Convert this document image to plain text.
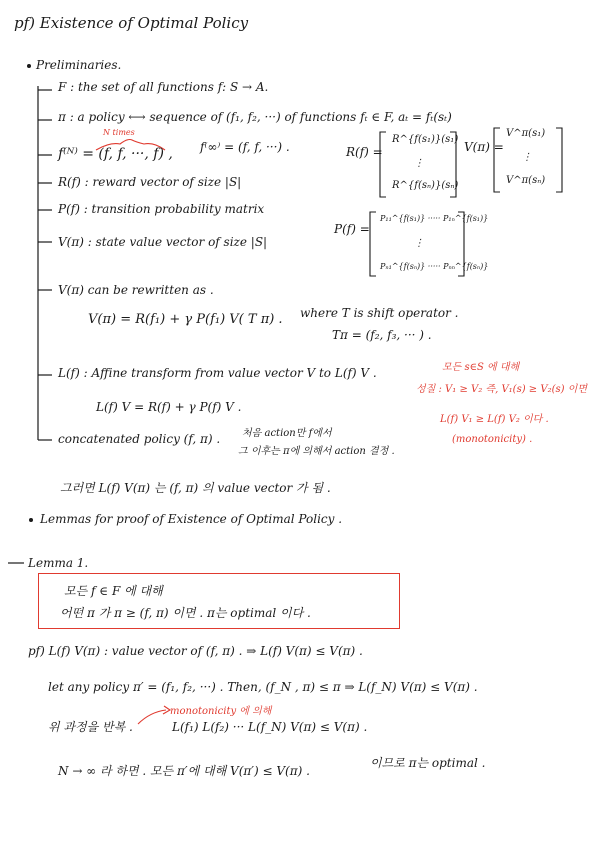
pf) Existence of Optimal Policy
Preliminaries.
F : the set of all functions f: S → A.
π : a policy ⟷ sequence of (f₁, f₂, ···) of functions fₜ ∈ F, aₜ = fₜ(sₜ)
N times
f⁽ᴺ⁾ = (f, f, ···, f) , f⁽∞⁾ = (f, f, ···) .
R(f) : reward vector of size |S|
P(f) : transition probability matrix
V(π) : state value vector of size |S|
R(f) =
R^{f(s₁)}(s₁)
⋮
R^{f(sₙ)}(sₙ)
V(π) =
V^π(s₁)
⋮
V^π(sₙ)
P(f) =
P₁₁^{f(s₁)} ····· P₁ₙ^{f(s₁)}
⋮
Pₙ₁^{f(sₙ)} ····· Pₙₙ^{f(sₙ)}
V(π) can be rewritten as .
V(π) = R(f₁) + γ P(f₁) V( T π) . where T is shift operator .
Tπ = (f₂, f₃, ··· ) .
L(f) : Affine transform from value vector V to L(f) V .
L(f) V = R(f) + γ P(f) V .
concatenated policy (f, π) . 처음 action만 f에서
그 이후는 π에 의해서 action 결정 .
모든 s∈S 에 대해
성질 : V₁ ≥ V₂ 즉, V₁(s) ≥ V₂(s) 이면
L(f) V₁ ≥ L(f) V₂ 이다 .
(monotonicity) .
그러면 L(f) V(π) 는 (f, π) 의 value vector 가 됨 .
Lemmas for proof of Existence of Optimal Policy .
Lemma 1.
모든 f ∈ F 에 대해
어떤 π 가 π ≥ (f, π) 이면 . π는 optimal 이다 .
pf) L(f) V(π) : value vector of (f, π) . ⇒ L(f) V(π) ≤ V(π) .
let any policy π′ = (f₁, f₂, ···) . Then, (f_N , π) ≤ π ⇒ L(f_N) V(π) ≤ V(π) .
monotonicity 에 의해
위 과정을 반복 .	L(f₁) L(f₂) ··· L(f_N) V(π) ≤ V(π) .
N → ∞ 라 하면 . 모든 π′에 대해 V(π′) ≤ V(π) .
이므로 π는 optimal .
